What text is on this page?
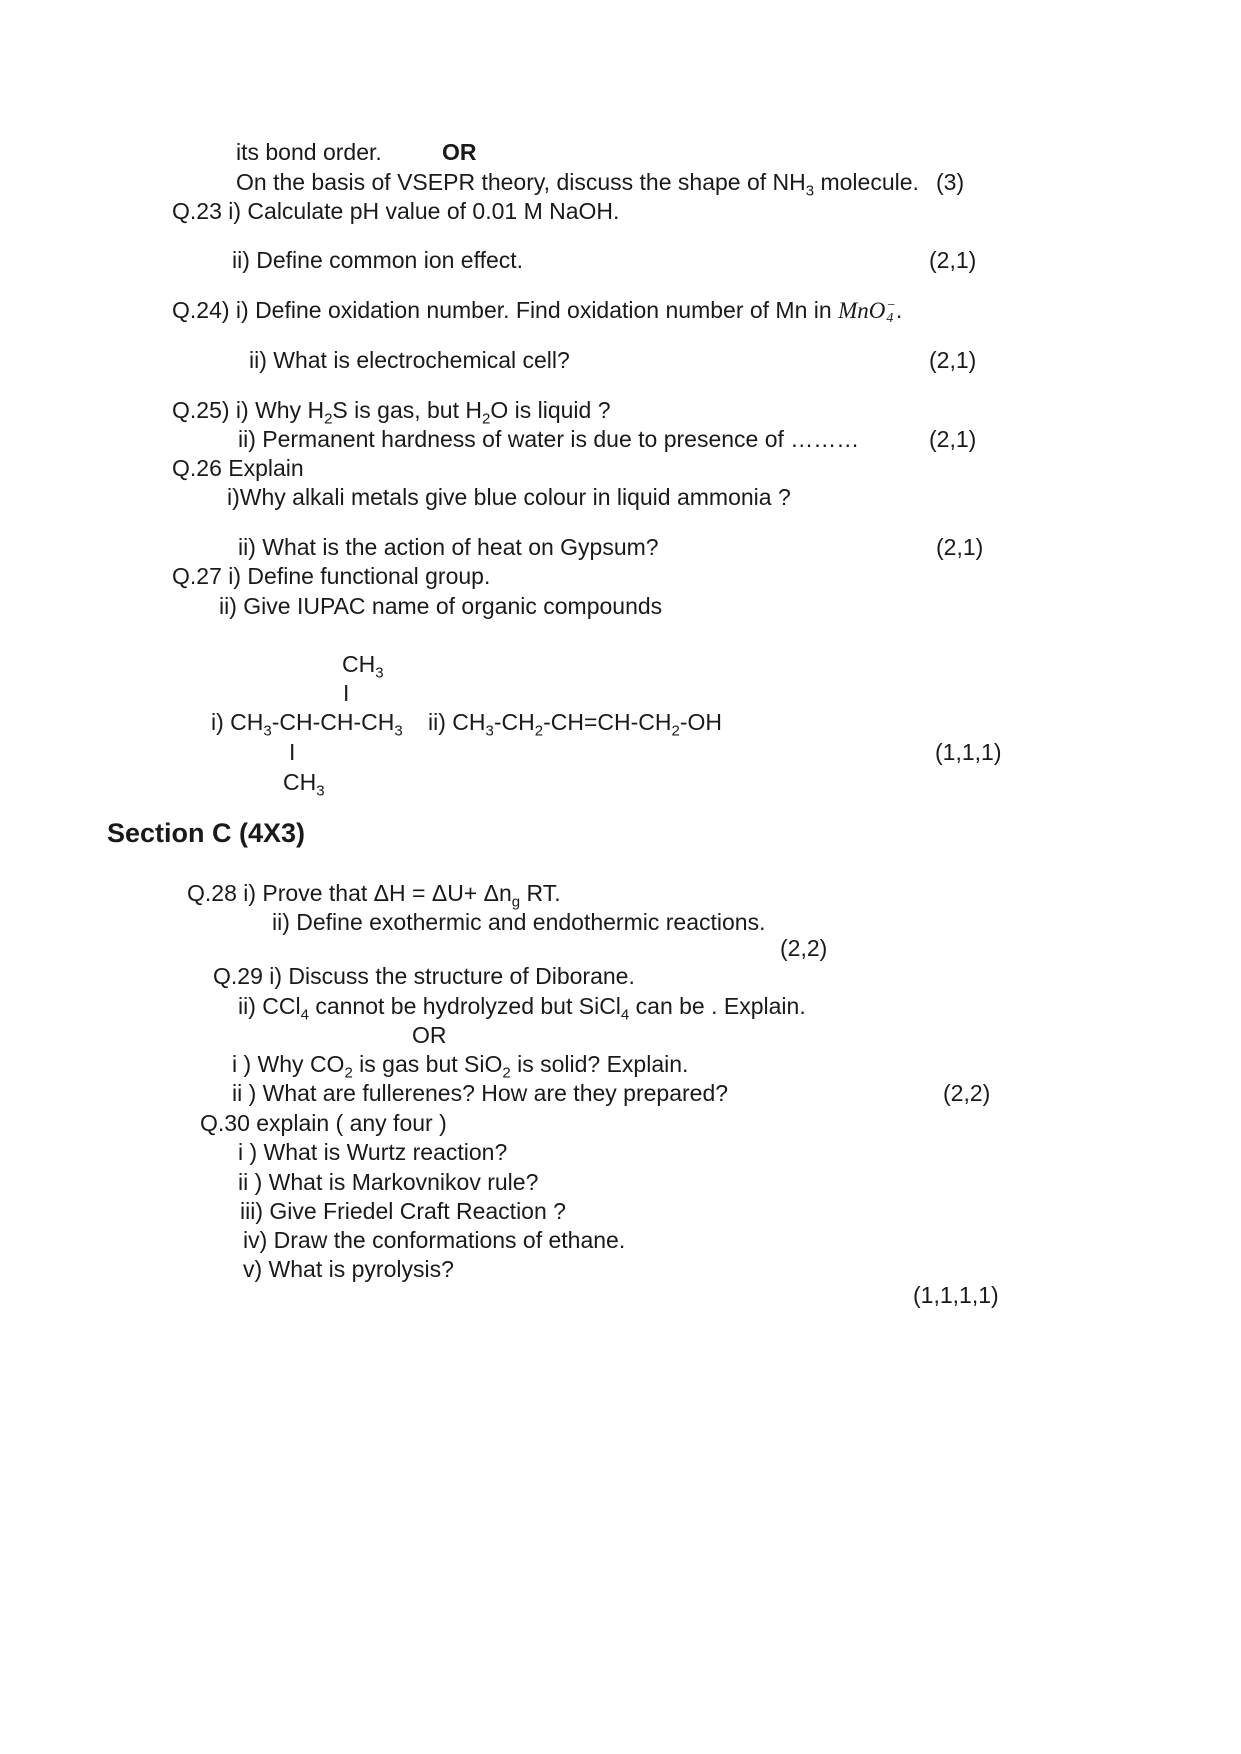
its bond order.	OR
On the basis of VSEPR theory, discuss the shape of $NH_3$ molecule. (3)
Q.23 i) Calculate pH value of 0.01 M NaOH.
ii) Define common ion effect.	(2,1)
Q.24) i) Define oxidation number. Find oxidation number of Mn in MnO −
4 .
ii) What is electrochemical cell?	(2,1)
Q.25) i) Why $H_2S$ is gas, but $H_2O$ is liquid ?
ii) Permanent hardness of water is due to presence of ………	(2,1)
Q.26 Explain
i)Why alkali metals give blue colour in liquid ammonia ?
ii) What is the action of heat on Gypsum?	(2,1)
Q.27 i) Define functional group.
ii) Give IUPAC name of organic compounds
$CH_3$
I
i) $CH_3-CH-CH-CH_3$ ii) $CH_3-CH_2-CH=CH-CH_2-OH$
I	(1,1,1)
$CH_3$
Section C (4X3)
Q.28 i) Prove that $\Delta H = \Delta U+ \Delta n_g$ RT.
ii) Define exothermic and endothermic reactions.
(2,2)
Q.29 i) Discuss the structure of Diborane.
ii) CCl$_4$ cannot be hydrolyzed but SiCl$_4$ can be . Explain.
OR
i ) Why $CO_2$ is gas but SiO$_2$ is solid? Explain.
ii ) What are fullerenes? How are they prepared?	(2,2)
Q.30 explain ( any four )
i ) What is Wurtz reaction?
ii ) What is Markovnikov rule?
iii) Give Friedel Craft Reaction ?
iv) Draw the conformations of ethane.
v) What is pyrolysis?
(1,1,1,1)
